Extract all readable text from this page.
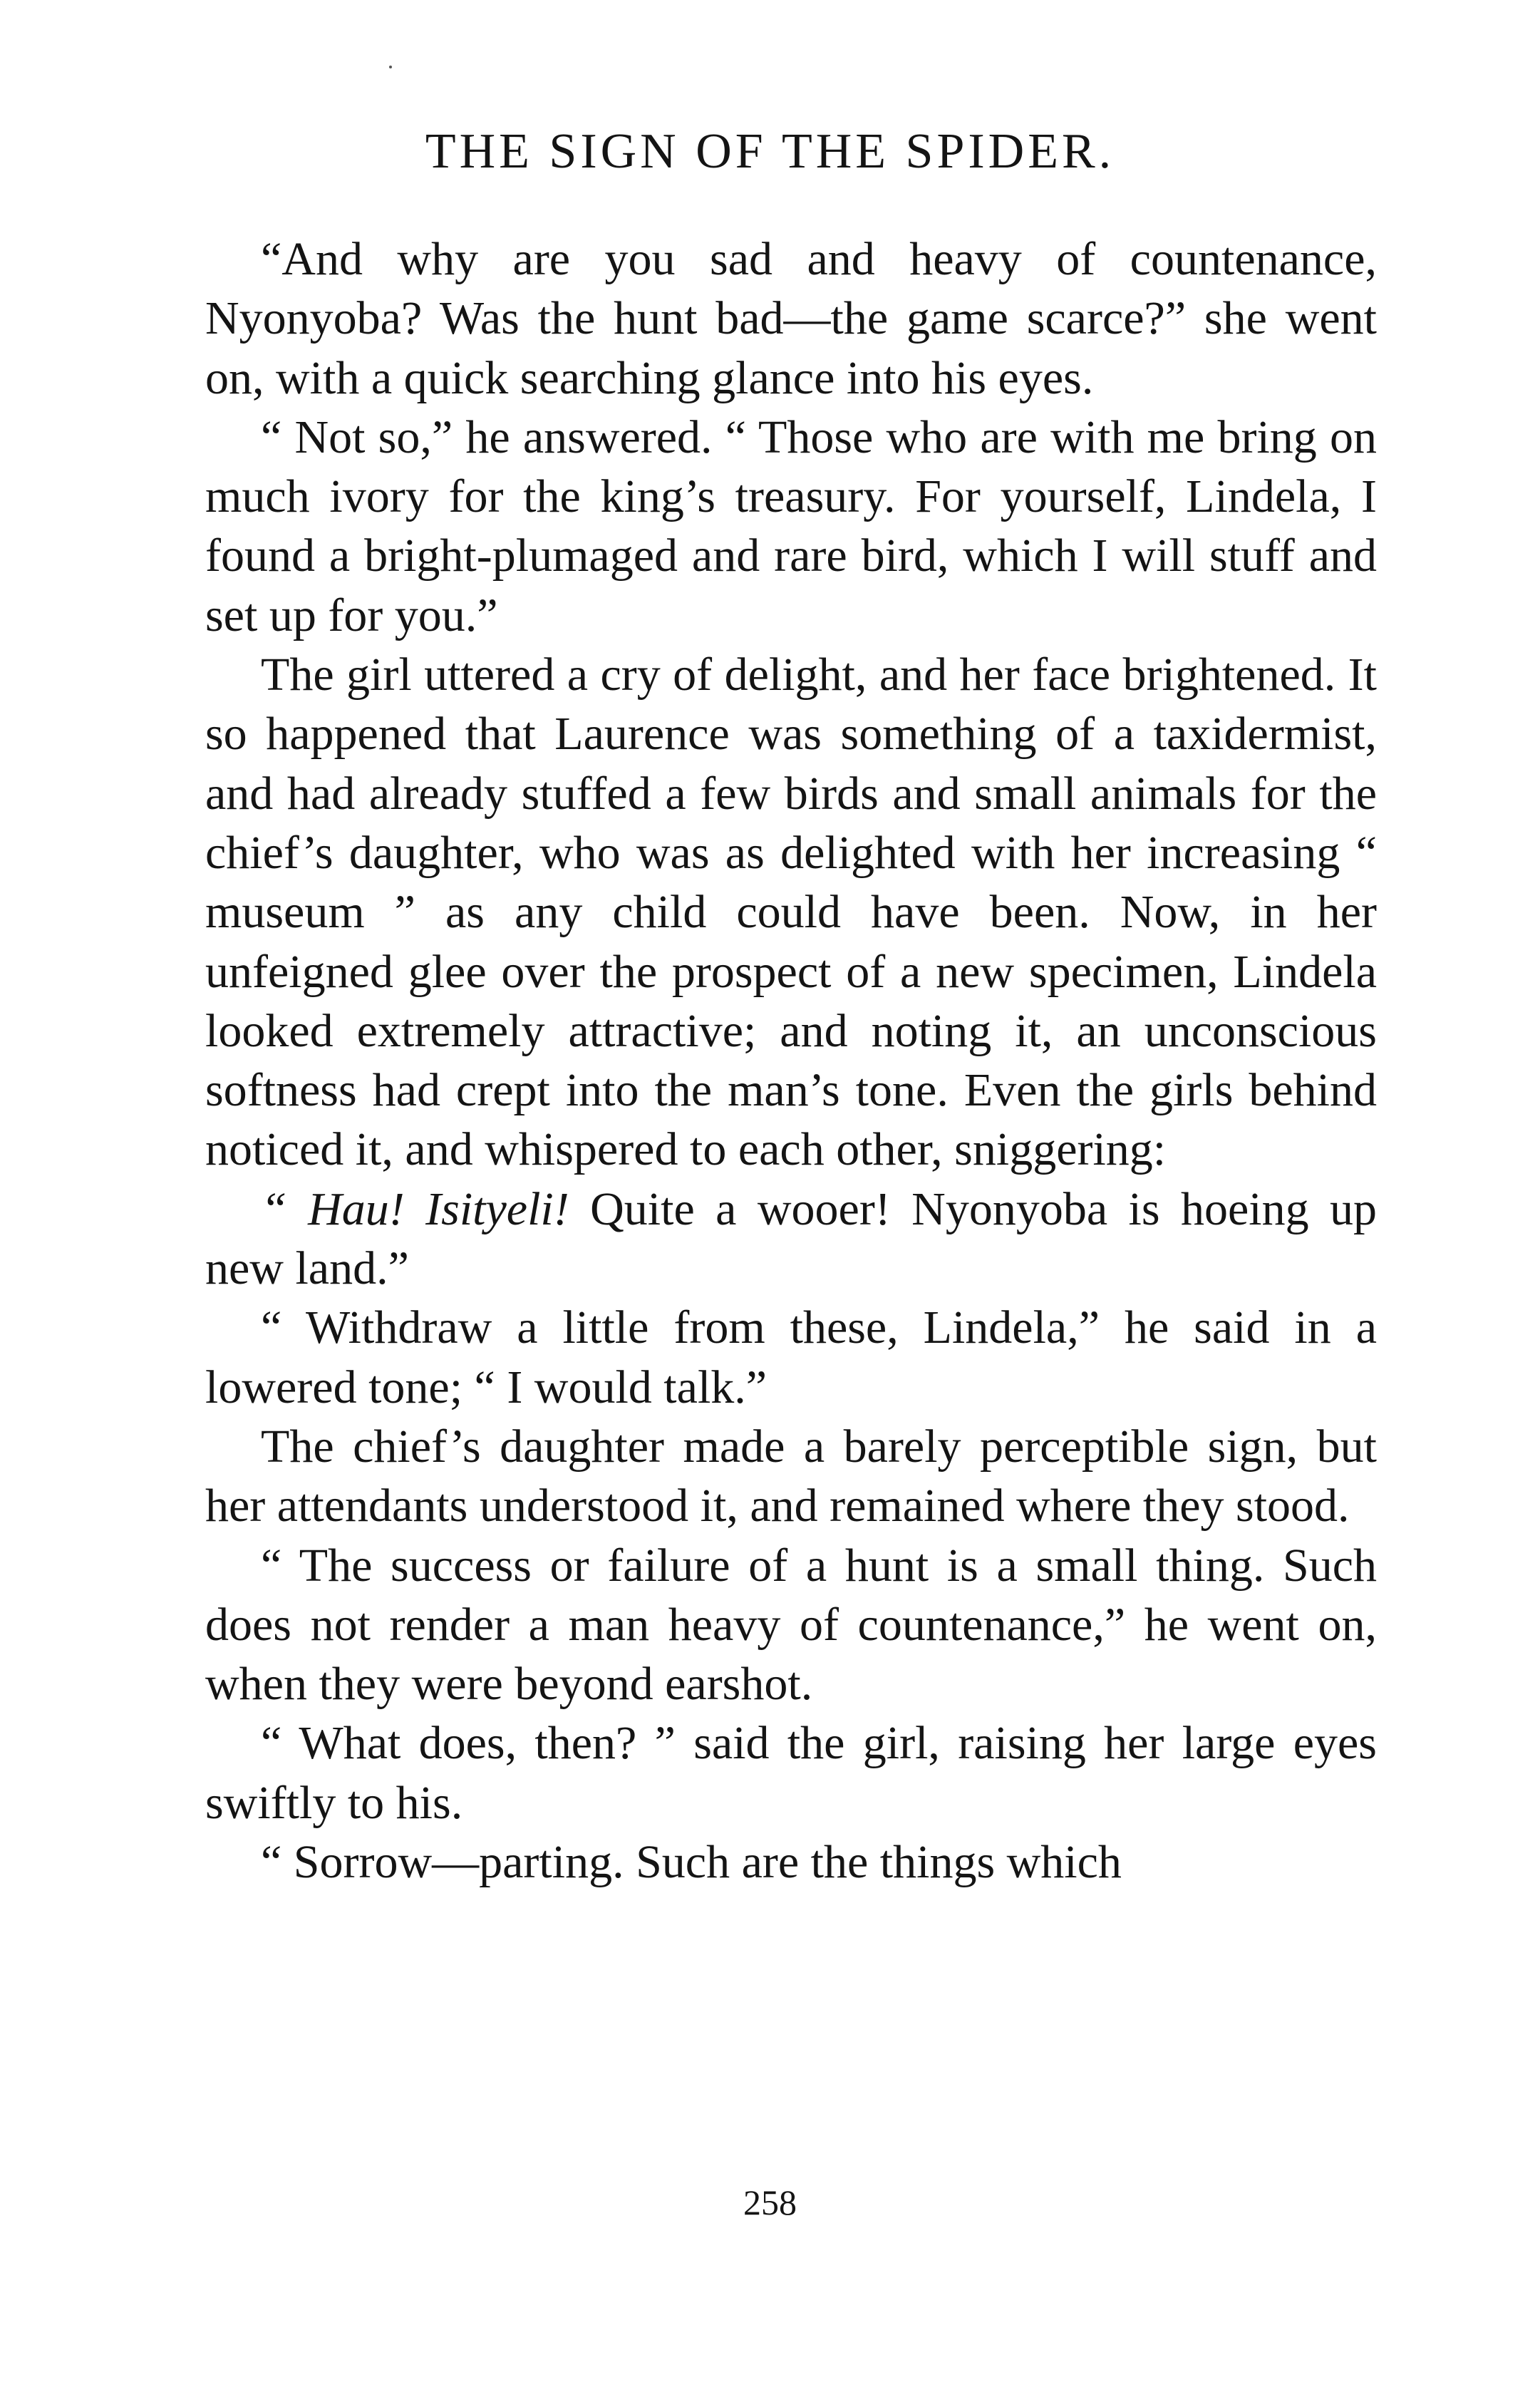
THE SIGN OF THE SPIDER.

“And why are you sad and heavy of countenance, Nyonyoba? Was the hunt bad—the game scarce?” she went on, with a quick searching glance into his eyes.

“ Not so,” he answered. “ Those who are with me bring on much ivory for the king’s treasury. For yourself, Lindela, I found a bright-plumaged and rare bird, which I will stuff and set up for you.”

The girl uttered a cry of delight, and her face brightened. It so happened that Laurence was something of a taxidermist, and had already stuffed a few birds and small animals for the chief’s daughter, who was as delighted with her increasing “ museum ” as any child could have been. Now, in her unfeigned glee over the prospect of a new specimen, Lindela looked extremely attractive; and noting it, an unconscious softness had crept into the man’s tone. Even the girls behind noticed it, and whispered to each other, sniggering:

“ Hau! Isityeli! Quite a wooer! Nyonyoba is hoeing up new land.”

“ Withdraw a little from these, Lindela,” he said in a lowered tone; “ I would talk.”

The chief’s daughter made a barely perceptible sign, but her attendants understood it, and remained where they stood.

“ The success or failure of a hunt is a small thing. Such does not render a man heavy of countenance,” he went on, when they were beyond earshot.

“ What does, then? ” said the girl, raising her large eyes swiftly to his.

“ Sorrow—parting. Such are the things which

258
